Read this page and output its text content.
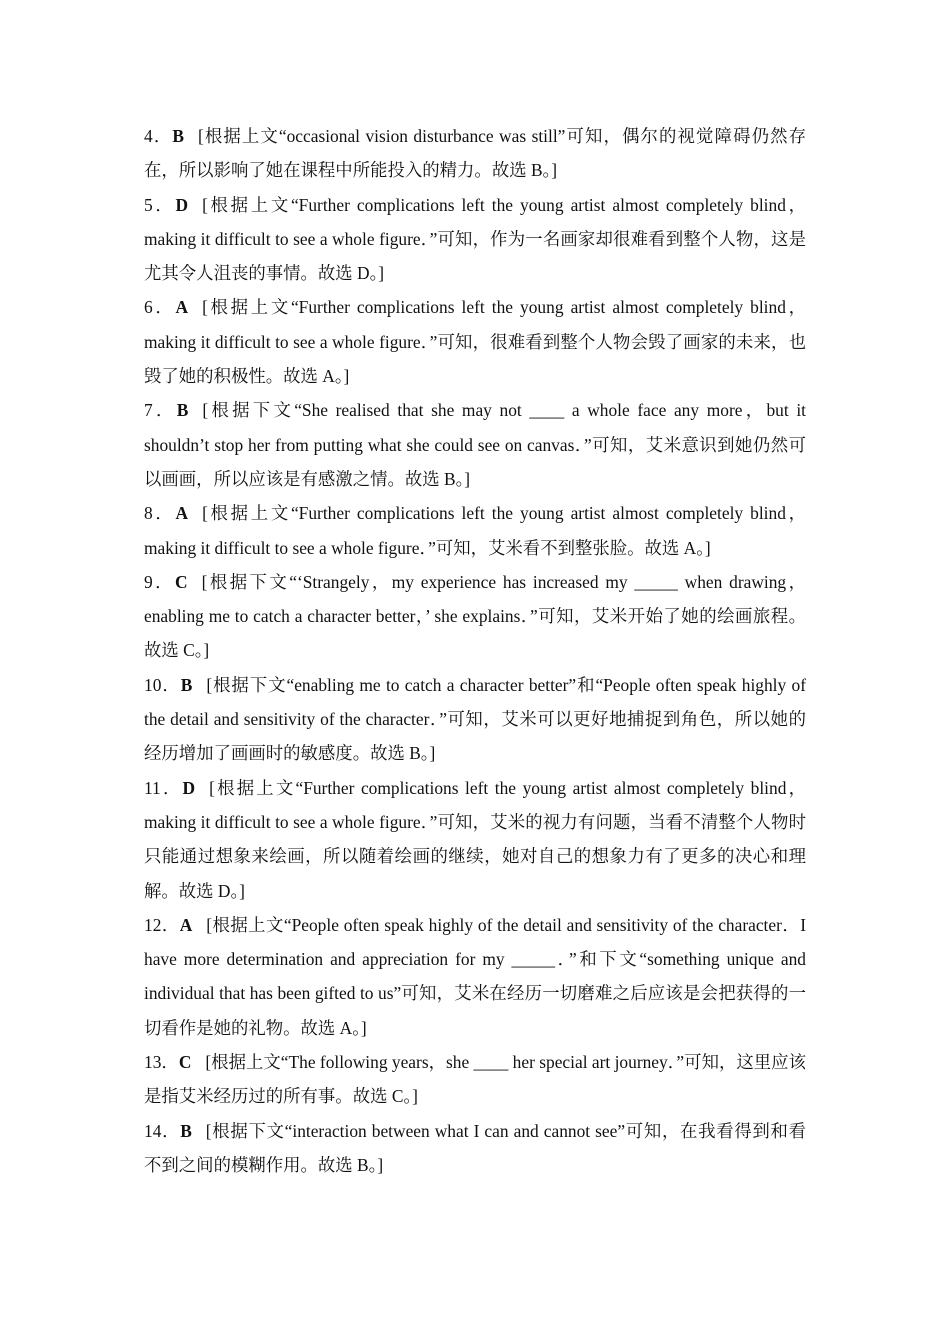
4．B [根据上文“occasional vision disturbance was still”可知，偶尔的视觉障碍仍然存在，所以影响了她在课程中所能投入的精力。故选 B。]

5．D [根据上文“Further complications left the young artist almost completely blind，making it difficult to see a whole figure．”可知，作为一名画家却很难看到整个人物，这是尤其令人沮丧的事情。故选 D。]

6．A [根据上文“Further complications left the young artist almost completely blind，making it difficult to see a whole figure．”可知，很难看到整个人物会毁了画家的未来，也毁了她的积极性。故选 A。]

7．B [根据下文“She realised that she may not ____ a whole face any more，but it shouldn’t stop her from putting what she could see on canvas．”可知，艾米意识到她仍然可以画画，所以应该是有感激之情。故选 B。]

8．A [根据上文“Further complications left the young artist almost completely blind，making it difficult to see a whole figure．”可知，艾米看不到整张脸。故选 A。]

9．C [根据下文“‘Strangely，my experience has increased my _____ when drawing，enabling me to catch a character better，’ she explains．”可知，艾米开始了她的绘画旅程。故选 C。]

10．B [根据下文“enabling me to catch a character better”和“People often speak highly of the detail and sensitivity of the character．”可知，艾米可以更好地捕捉到角色，所以她的经历增加了画画时的敏感度。故选 B。]

11．D [根据上文“Further complications left the young artist almost completely blind，making it difficult to see a whole figure．”可知，艾米的视力有问题，当看不清整个人物时只能通过想象来绘画，所以随着绘画的继续，她对自己的想象力有了更多的决心和理解。故选 D。]

12．A [根据上文“People often speak highly of the detail and sensitivity of the character．I have more determination and appreciation for my _____．”和下文“something unique and individual that has been gifted to us”可知，艾米在经历一切磨难之后应该是会把获得的一切看作是她的礼物。故选 A。]

13．C [根据上文“The following years，she ____ her special art journey．”可知，这里应该是指艾米经历过的所有事。故选 C。]

14．B [根据下文“interaction between what I can and cannot see”可知，在我看得到和看不到之间的模糊作用。故选 B。]
